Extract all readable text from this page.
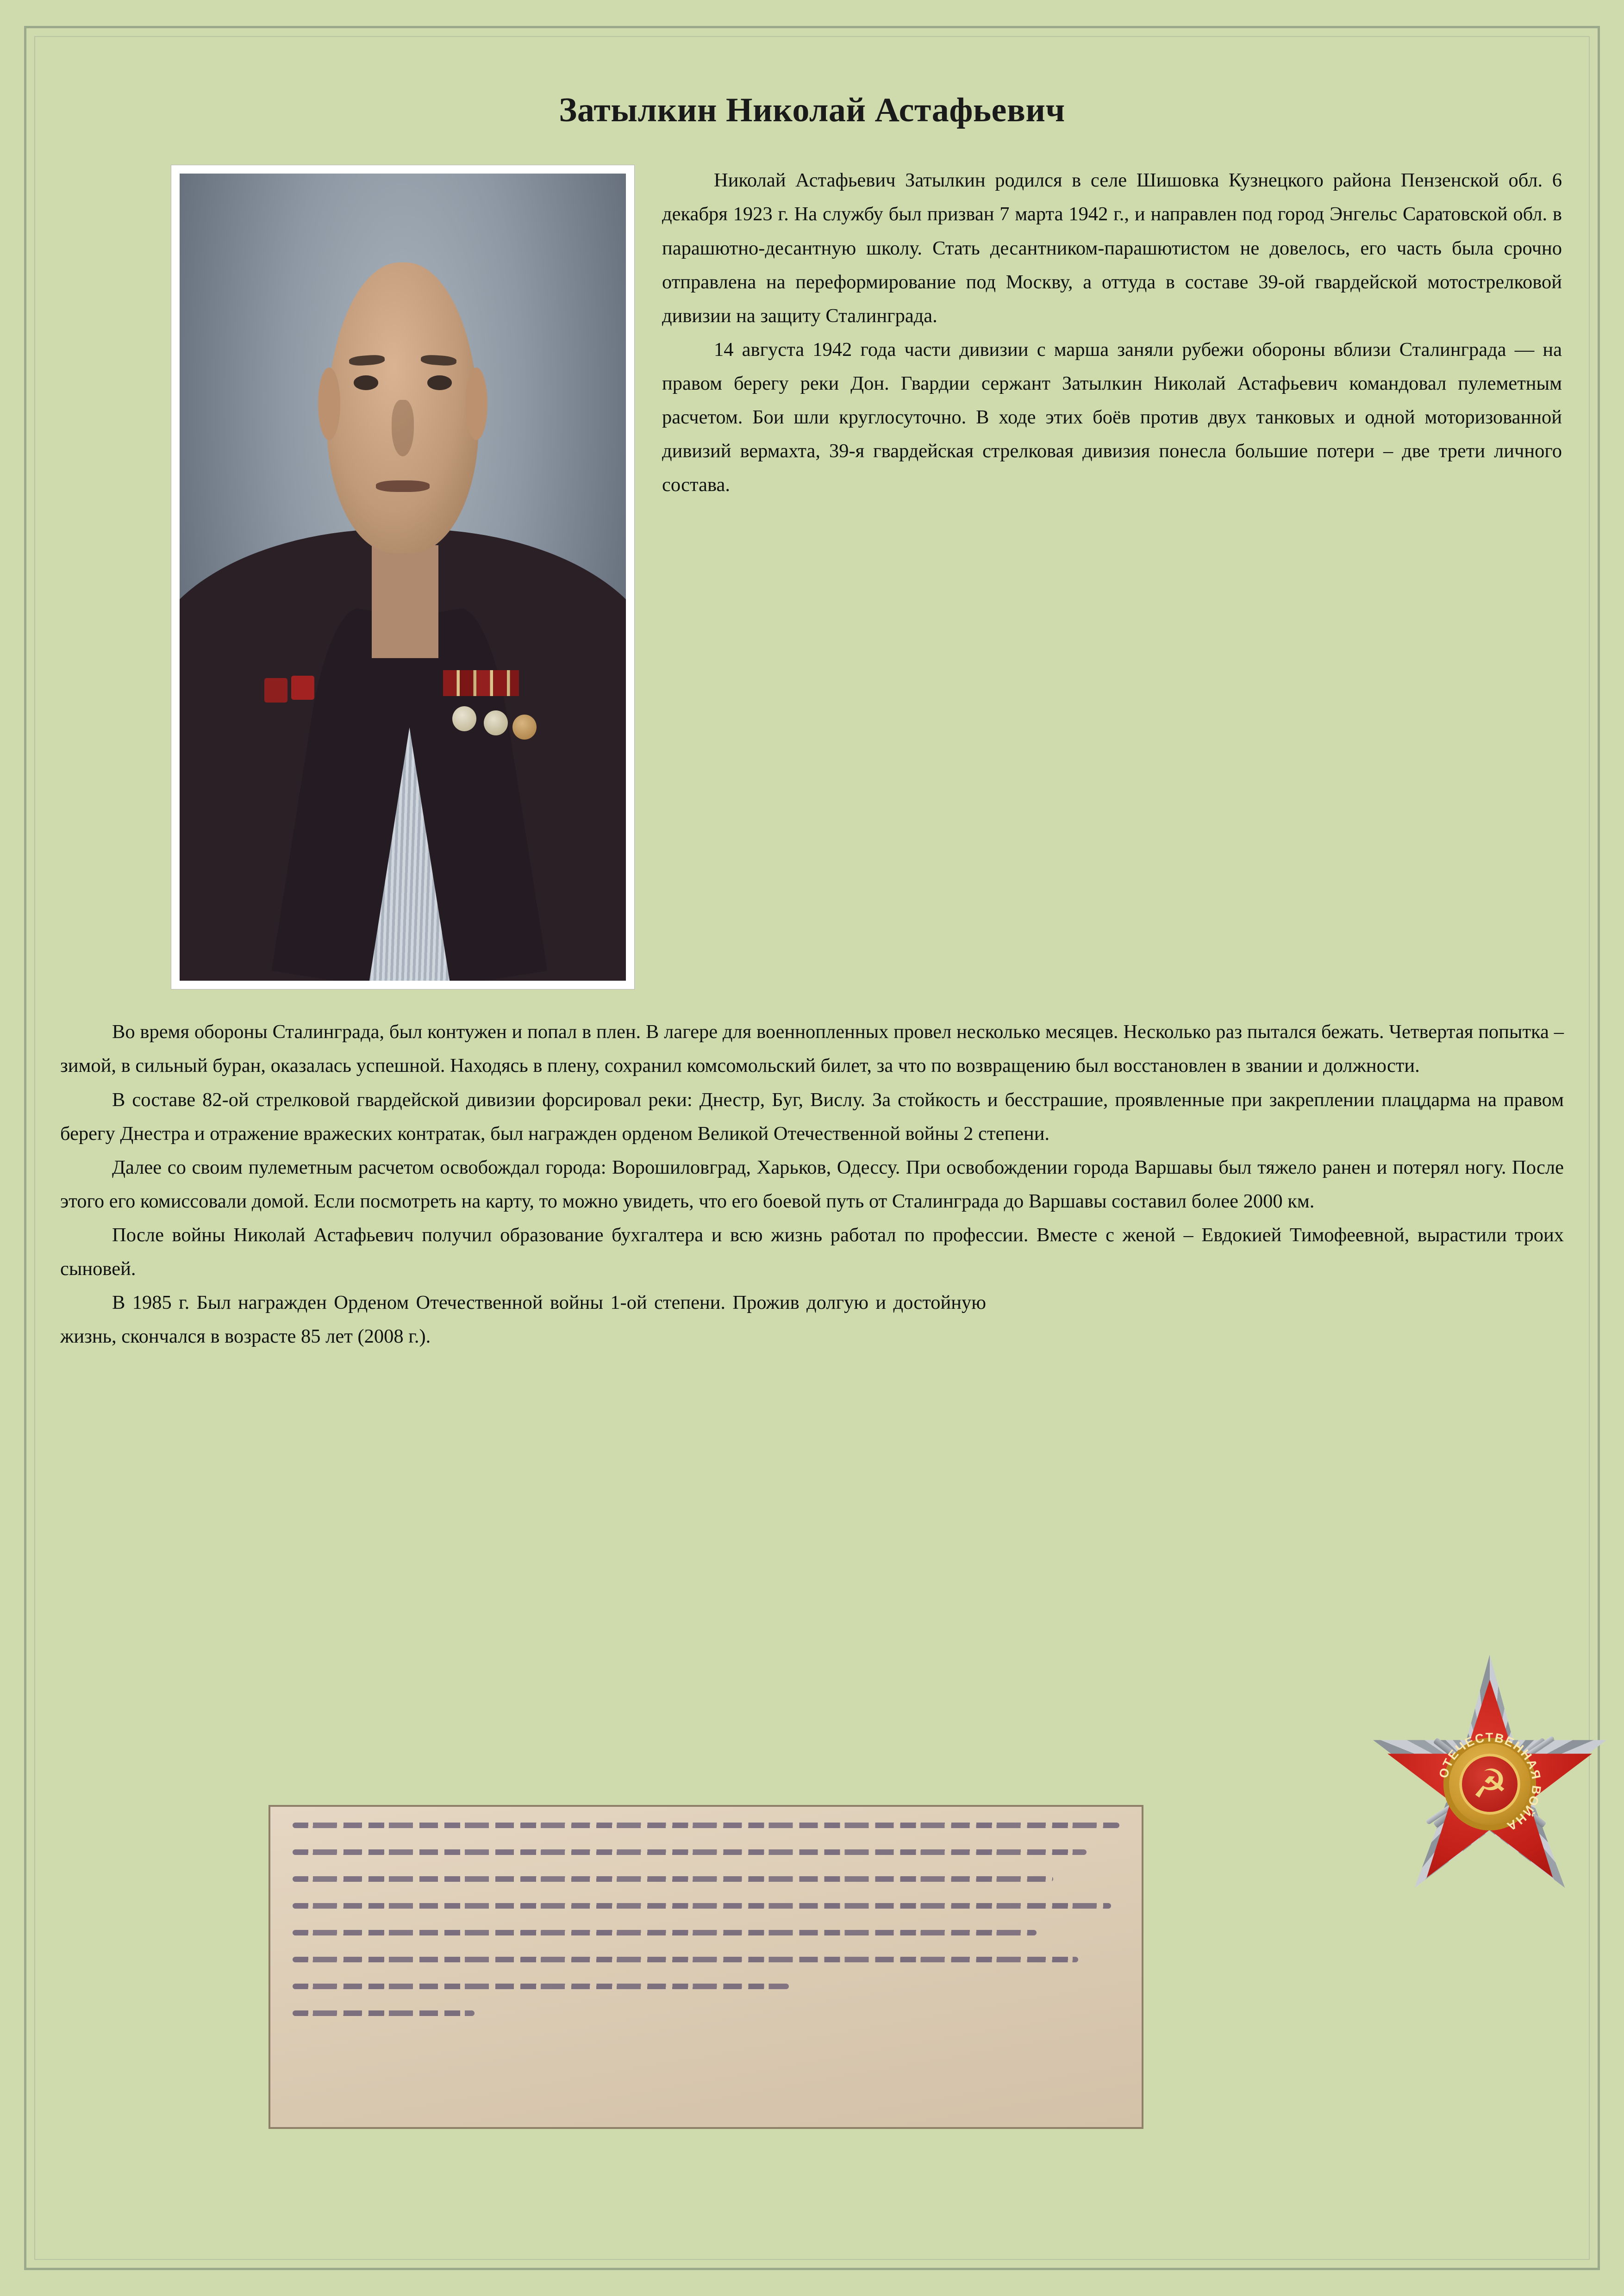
Затылкин Николай Астафьевич

Николай Астафьевич Затылкин родился в селе Шишовка Кузнецкого района Пензенской обл. 6 декабря 1923 г. На службу был призван 7 марта 1942 г., и направлен под город Энгельс Саратовской обл. в парашютно-десантную школу. Стать десантником-парашютистом не довелось, его часть была срочно отправлена на переформирование под Москву, а оттуда в составе 39-ой гвардейской мотострелковой дивизии на защиту Сталинграда.

14 августа 1942 года части дивизии с марша заняли рубежи обороны вблизи Сталинграда — на правом берегу реки Дон. Гвардии сержант Затылкин Николай Астафьевич командовал пулеметным расчетом. Бои шли круглосуточно. В ходе этих боёв против двух танковых и одной моторизованной дивизий вермахта, 39-я гвардейская стрелковая дивизия понесла большие потери – две трети личного состава.

Во время обороны Сталинграда, был контужен и попал в плен. В лагере для военнопленных провел несколько месяцев. Несколько раз пытался бежать. Четвертая попытка – зимой, в сильный буран, оказалась успешной. Находясь в плену, сохранил комсомольский билет, за что по возвращению был восстановлен в звании и должности.

В составе 82-ой стрелковой гвардейской дивизии форсировал реки: Днестр, Буг, Вислу. За стойкость и бесстрашие, проявленные при закреплении плацдарма на правом берегу Днестра и отражение вражеских контратак, был награжден орденом Великой Отечественной войны 2 степени.

Далее со своим пулеметным расчетом освобождал города: Ворошиловград, Харьков, Одессу. При освобождении города Варшавы был тяжело ранен и потерял ногу. После этого его комиссовали домой. Если посмотреть на карту, то можно увидеть, что его боевой путь от Сталинграда до Варшавы составил более 2000 км.

После войны Николай Астафьевич получил образование бухгалтера и всю жизнь работал по профессии. Вместе с женой – Евдокией Тимофеевной, вырастили троих сыновей.

В 1985 г. Был награжден Орденом Отечественной войны 1-ой степени. Прожив долгую и достойную жизнь, скончался в возрасте 85 лет (2008 г.).

ОТЕЧЕСТВЕННАЯ ВОЙНА
☭
